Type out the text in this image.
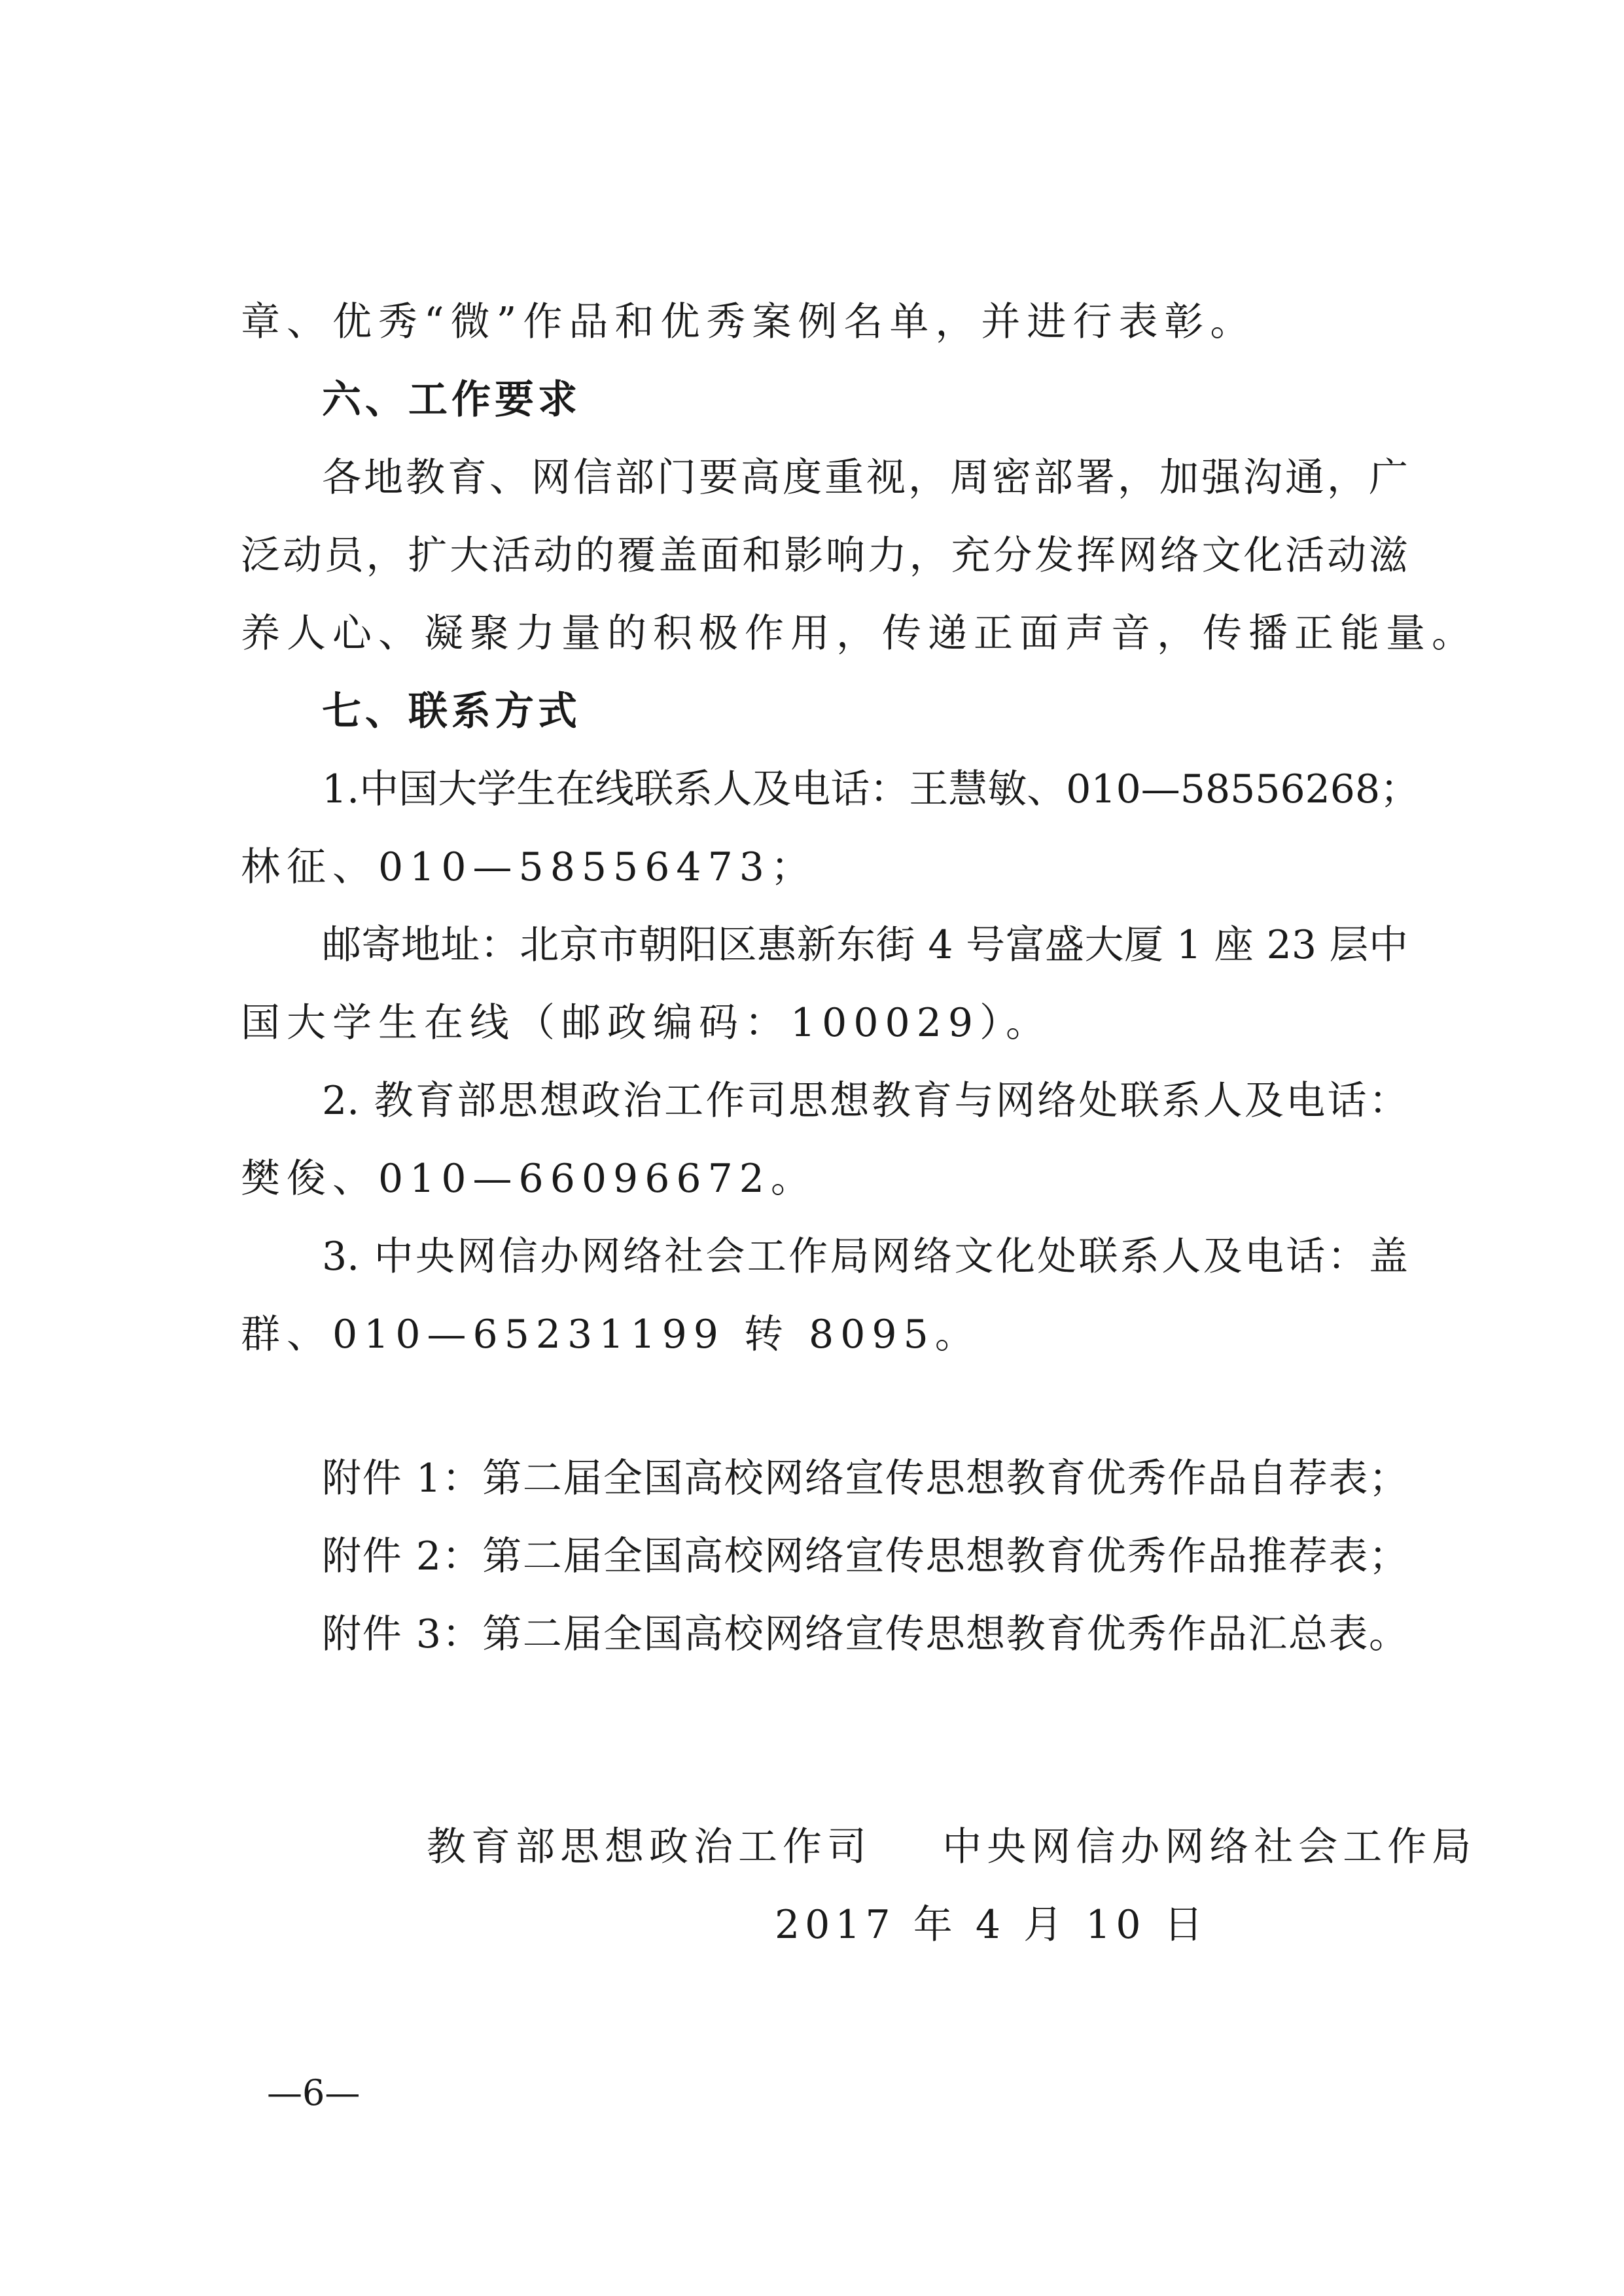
章、优秀“微”作品和优秀案例名单，并进行表彰。
六、工作要求
各地教育、网信部门要高度重视，周密部署，加强沟通，广
泛动员，扩大活动的覆盖面和影响力，充分发挥网络文化活动滋
养人心、凝聚力量的积极作用，传递正面声音，传播正能量。
七、联系方式
1.中国大学生在线联系人及电话：王慧敏、010—58556268；
林征、010—58556473；
邮寄地址：北京市朝阳区惠新东街 4 号富盛大厦 1 座 23 层中
国大学生在线（邮政编码：100029）。
2. 教育部思想政治工作司思想教育与网络处联系人及电话：
樊俊、010—66096672。
3. 中央网信办网络社会工作局网络文化处联系人及电话：盖
群、010—65231199 转 8095。
附件 1：第二届全国高校网络宣传思想教育优秀作品自荐表；
附件 2：第二届全国高校网络宣传思想教育优秀作品推荐表；
附件 3：第二届全国高校网络宣传思想教育优秀作品汇总表。
教育部思想政治工作司    中央网信办网络社会工作局
2017 年 4 月 10 日
—6—
